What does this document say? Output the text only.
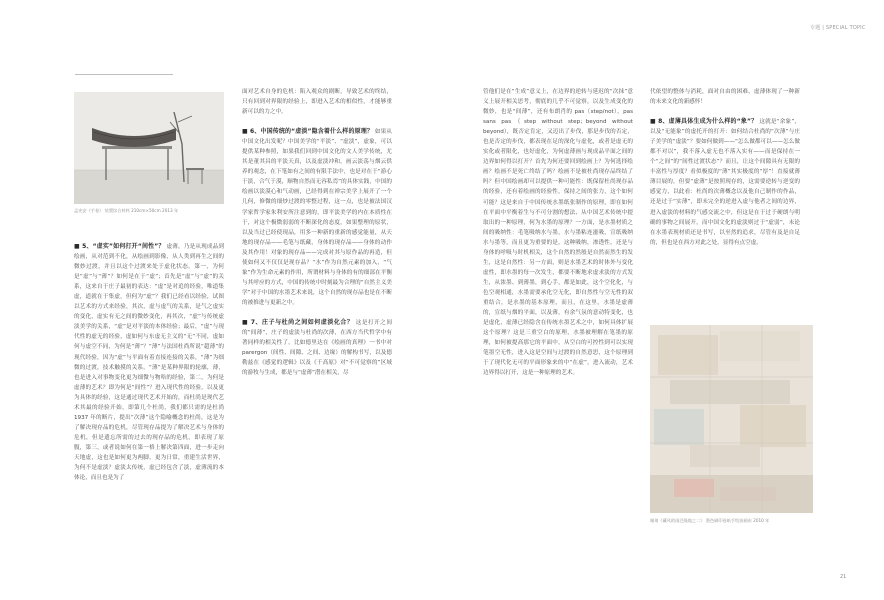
专题 | SPECIAL TOPIC
孟宪安《手卷》 装置综合材料 210cm×50cm 2013 年

■ 5、“虚实”如何打开“间性”？ 虚薄，乃是从现成品到绘画，从对范到不化，从绘画到影像，从人类到再生之间的微妙过渡，并且以这个过渡来处于虚化状态。第一，为何是“虚”与“薄”？如何是在于“虚”；首先是“虚”与“虚”的关系，这来自于庄子最初的表达：“虚”是对追的经验，唯道集虚，道就在于集虚，但何为“虚”？我们已经看以经验，试图以艺术的方式来经验，其次，虚与虚气的关系，是气之虚实的变化，虚实有无之间的微妙变化，再其次，“虚”与传统虚淡美学的关系，“虚”是对平淡的本体经验；最后，“虚”与现代性的虚无的经验，虚如何与东虚无主义的“无”不同，虚如何与虚空不同，为何是“薄”？“薄”与法国杜尚所说“超薄”的现代经验，因为“虚”与平面有着直接连接的关系，“薄”为细微的过渡，技术触摸的关系，“薄”是某种界限的轮廓，薄，也是进入对事物变化更为细微与物哈的经验，第二，为何是虚薄的艺术？即为何是“间性”？进入现代性的经验，以及更为具体的经验，这是通过现代艺术开始的，而杜尚是现代艺术其最的经验开始，即第几个杜尚，我们都只需的是杜尚 1937 年的断片，提出“次薄”这个隐喻概念的杜尚，这是为了解决现存品的危机，尽管现存品提为了解决艺术与身体的危机，但是遗忘所需的过去的现存品的危机，即表现了原腹，第三，或者说如何在第一格上解决第四面，进一步走向天地虚，这也是如何更为两脚，更为日常，重建生活世界，为何不是虚淡？虚淡太传统，虚已经包含了淡，虚薄流的本体论，而且也是为了

面对艺术自身的危机：陷入观众的剧断，导致艺术的终结，只有回到对界限的经验上，即进入艺术的相似性，才能够重新可以的力之中。

■ 6、中国传统的“虚淡”隐含着什么样的原理？ 如果从中国文化出发呢？中国美学的“平淡”、“虚淡”，虚象，可以提供某种参照，如果我们回到中国文化的文人美学传统，尤其是董其昌的平淡天真，以及虚淡冲和，画云淡荡与烟云供养的观念，在下笔如有之间的有限手法中，也是对在于“游心于淡，合气于漠，顺物自然而无容私焉”的具体实践，中国的绘画以淡漠心和气动画，已经得到在禅宗美学上展开了一个几何，修微的细炒过渡的零整过程，这一点，也是被法国汉学家哲学家朱利安所注意到的，即平淡美学的内在本质性在于，对这个极微弱弱的不断深化的态度，如果整理的原状，以及当过已经使现品，用多一种新的重新的感觉能量，从天地的现存品——毛笔与纸藏，身体的现存品——身体的动作及其作用！对象的现存品——完成对其与原作品的再造，但使如何又不仅仅是现存品？“水”作为自然元素的加入，“气象”作为生命元素的作用，所谓材料与身体的有的细部在平衡与其呼应的方式，中国的传统中时刻最为合理的“自然主义美学”对于中国的水墨艺术来说，这个自然的现存品也是在不断的被推进与更新之中。

■ 7、庄子与杜尚之间如何虚淡化合？ 这是打开之间的“间薄”，庄子的虚淡与杜尚的次薄，在西方当代哲学中有著同样的相关性了。比如德里达在《绘画的真理》一书中对 parergon（间性、间隙、之间、边缘）的解构书写，以及德勒兹在《感觉的逻辑》以及《千高原》对“不可觉察的”区域的游牧与生成，都是与“虚薄”潜在相关，尽

管他们是在“生成”意义上，在边界的逆转与延迟的“次抹”意义上展开相关思考，彻底的几乎不可觉察，以及生成变化的微妙，也是“间薄”，还有布朗肖的 pas（step/not），pas sans pas（step without step；beyond without beyond），既否定肯定，又迈出了步伐，那是步伐的否定，也是否定的步伐，都表现在足的深化与虚化，或者是虚无的实化或者限化，也好虚化，为何虚薄画与现成品平面之间的边界如何得以打开？首先为何还要回到绘画上？为何选择绘画？绘画不是死亡终结了吗？绘画不是被杜尚现存品终结了吗？但中国绘画却可以提供一种可能性：既保留杜尚现存品的经验，还有着绘画的经验性，保持之间的张力，这个如何可能？这是来自于中国传统水墨纸张制作的原理，即在如何在平面中平衡着生与不可分割的想法、从中国艺术传统中提取出的一种原理，何为水墨的原理？一方面，是水墨材质之间的吸纳性：毛笔吸纳水与墨，水与墨粘连滋吸，宣纸吸纳水与墨等，而且更为重要的是，这种吸纳，渗透性，还是与身体的呼吸与时机相关，这个自然的然般是自然而然生的发生，这是自然性：另一方面，则是水墨艺术的时体外与变化虚性，即水墨的每一次发生，都要不断地求虚求淡的方式发生，从浓墨、到薄墨，到心手，都是如此，这个空化化，与色空观相通，水墨需要承化空无化，即自然性与空无性的双重结合，是水墨的基本原理，而且，在这里，水墨是虚薄的，宣纸与烟的平面，以及薄，有余气氛的意动特变化，也是虚化，虚薄已经隐含在传统水墨艺术之中，如何具体扩展这个原理？这是三重空白的原理，水墨被理解在笔墨的原理，如何被提高那它的平面中，从空白的可控性到可以实现笔墨空无性，进入这是空间与过渡的自然意思，这个原理到于了现代化无可的平面形象来的中“在虚”，进入流动，艺术边界得以打开，这是一种原理的艺术。

代依望的整体与消耗，面对自由的困难，虚薄体现了一种新的未来文化的新感怀！

■ 8、虚薄具体生成为什么样的“象”？ 这就是“余象”，以及“无能象”的虚托开的打开：如何结合杜尚的“次薄”与庄子美学的“虚淡”？要如何做到——“怎么做都可以——怎么做都不对以”，我不落入虚无也不落入实有——而是保持在一个“之间”的“间性过渡状态”？而且，让这个间隙具有无限的丰富性与厚度？看似极度的“薄”其实极度的“厚”！直接就薄薄目展的，但要“虚薄”是按照现存的，这需要逆转与逆变的感觉力，以此看：杜尚的次薄概念以及他自己制作的作品，还是过于“实薄”，即未完全的逆进入虚与他者之间的边界，进入虚淡的材料的气感交流之中，但这是在于过于硬朗与明确的事物之间展开，而中国文化的虚淡则过于“虚弱”，未论在水墨表现材质还是书写，以至然的追求，尽管有及是自足的，但也是在西方对此之处，显得有点空虚。

谢琦《藏风的雨巴隆地之二》 墨色刷印卷纸手绘油画布 2010 年
21
